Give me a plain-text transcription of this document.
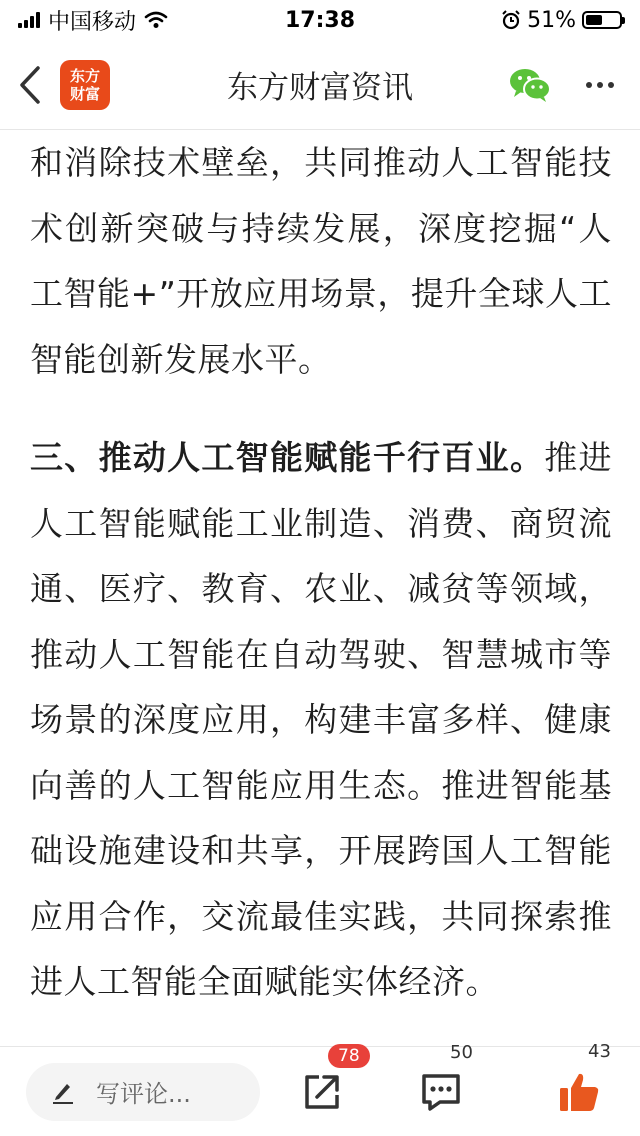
中国移动	17:38	51%
东方财富	东方财富资讯

和消除技术壁垒，共同推动人工智能技术创新突破与持续发展，深度挖掘“人工智能+”开放应用场景，提升全球人工智能创新发展水平。

三、推动人工智能赋能千行百业。推进人工智能赋能工业制造、消费、商贸流通、医疗、教育、农业、减贫等领域，推动人工智能在自动驾驶、智慧城市等场景的深度应用，构建丰富多样、健康向善的人工智能应用生态。推进智能基础设施建设和共享，开展跨国人工智能应用合作，交流最佳实践，共同探索推进人工智能全面赋能实体经济。

写评论...
78	50	43
